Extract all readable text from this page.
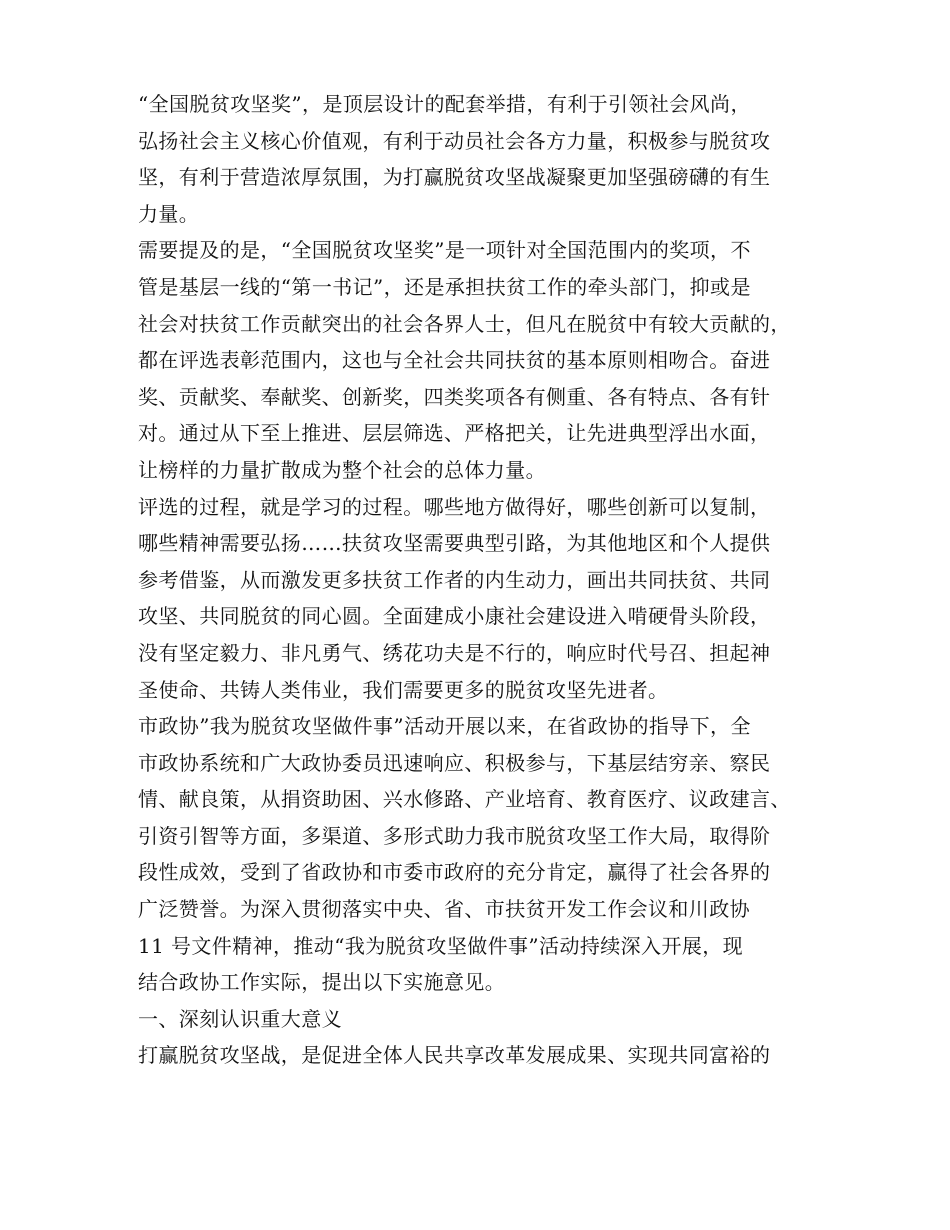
“全国脱贫攻坚奖”，是顶层设计的配套举措，有利于引领社会风尚，
弘扬社会主义核心价值观，有利于动员社会各方力量，积极参与脱贫攻
坚，有利于营造浓厚氛围，为打赢脱贫攻坚战凝聚更加坚强磅礴的有生
力量。
需要提及的是，“全国脱贫攻坚奖”是一项针对全国范围内的奖项，不
管是基层一线的“第一书记”，还是承担扶贫工作的牵头部门，抑或是
社会对扶贫工作贡献突出的社会各界人士，但凡在脱贫中有较大贡献的，
都在评选表彰范围内，这也与全社会共同扶贫的基本原则相吻合。奋进
奖、贡献奖、奉献奖、创新奖，四类奖项各有侧重、各有特点、各有针
对。通过从下至上推进、层层筛选、严格把关，让先进典型浮出水面，
让榜样的力量扩散成为整个社会的总体力量。
评选的过程，就是学习的过程。哪些地方做得好，哪些创新可以复制，
哪些精神需要弘扬……扶贫攻坚需要典型引路，为其他地区和个人提供
参考借鉴，从而激发更多扶贫工作者的内生动力，画出共同扶贫、共同
攻坚、共同脱贫的同心圆。全面建成小康社会建设进入啃硬骨头阶段，
没有坚定毅力、非凡勇气、绣花功夫是不行的，响应时代号召、担起神
圣使命、共铸人类伟业，我们需要更多的脱贫攻坚先进者。
市政协”我为脱贫攻坚做件事”活动开展以来，在省政协的指导下，全
市政协系统和广大政协委员迅速响应、积极参与，下基层结穷亲、察民
情、献良策，从捐资助困、兴水修路、产业培育、教育医疗、议政建言、
引资引智等方面，多渠道、多形式助力我市脱贫攻坚工作大局，取得阶
段性成效，受到了省政协和市委市政府的充分肯定，赢得了社会各界的
广泛赞誉。为深入贯彻落实中央、省、市扶贫开发工作会议和川政协
11 号文件精神，推动“我为脱贫攻坚做件事”活动持续深入开展，现
结合政协工作实际，提出以下实施意见。
一、深刻认识重大意义
打赢脱贫攻坚战，是促进全体人民共享改革发展成果、实现共同富裕的
